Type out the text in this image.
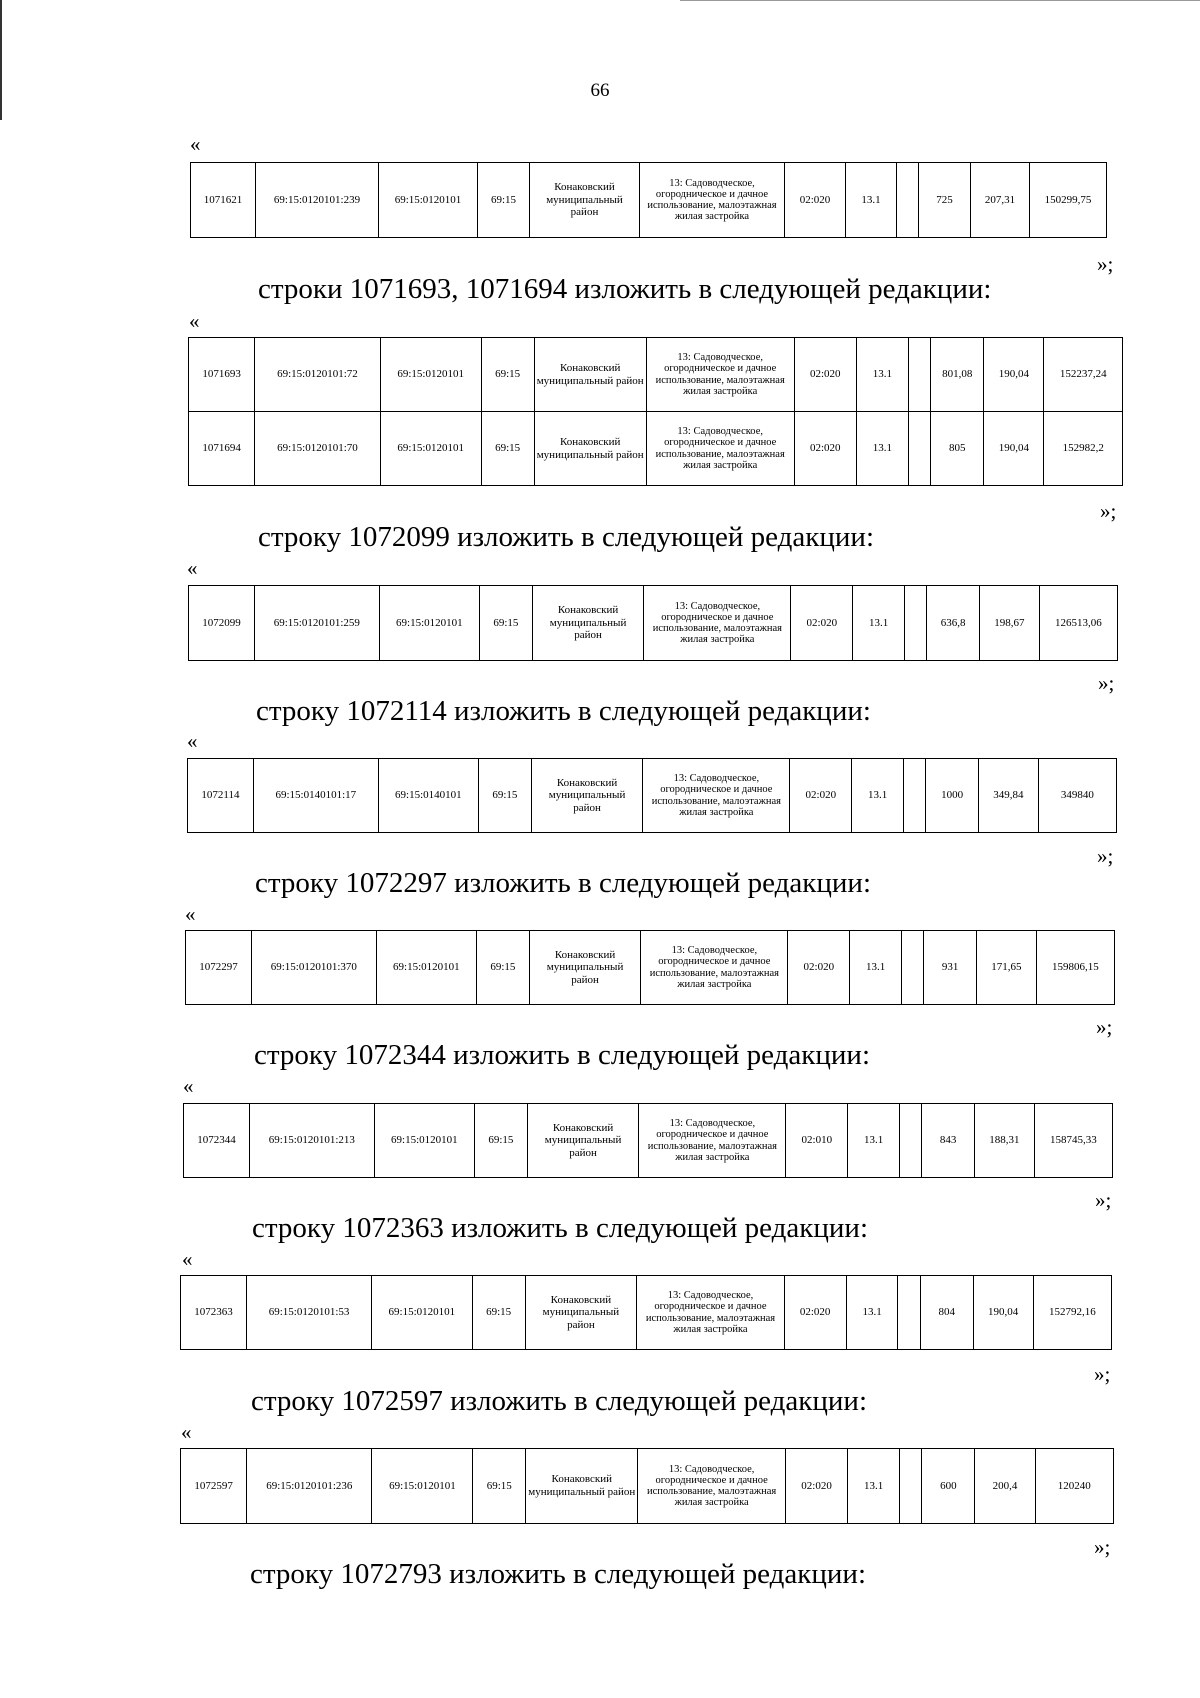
66
«
1071621	69:15:0120101:239	69:15:0120101	69:15	Конаковский муниципальный район	13: Садоводческое, огородническое и дачное использование, малоэтажная жилая застройка	02:020	13.1		725	207,31	150299,75
»;
строки 1071693, 1071694 изложить в следующей редакции:
«
1071693	69:15:0120101:72	69:15:0120101	69:15	Конаковский муниципальный район	13: Садоводческое, огородническое и дачное использование, малоэтажная жилая застройка	02:020	13.1		801,08	190,04	152237,24
1071694	69:15:0120101:70	69:15:0120101	69:15	Конаковский муниципальный район	13: Садоводческое, огородническое и дачное использование, малоэтажная жилая застройка	02:020	13.1		805	190,04	152982,2
»;
строку 1072099 изложить в следующей редакции:
«
1072099	69:15:0120101:259	69:15:0120101	69:15	Конаковский муниципальный район	13: Садоводческое, огородническое и дачное использование, малоэтажная жилая застройка	02:020	13.1		636,8	198,67	126513,06
»;
строку 1072114 изложить в следующей редакции:
«
1072114	69:15:0140101:17	69:15:0140101	69:15	Конаковский муниципальный район	13: Садоводческое, огородническое и дачное использование, малоэтажная жилая застройка	02:020	13.1		1000	349,84	349840
»;
строку 1072297 изложить в следующей редакции:
«
1072297	69:15:0120101:370	69:15:0120101	69:15	Конаковский муниципальный район	13: Садоводческое, огородническое и дачное использование, малоэтажная жилая застройка	02:020	13.1		931	171,65	159806,15
»;
строку 1072344 изложить в следующей редакции:
«
1072344	69:15:0120101:213	69:15:0120101	69:15	Конаковский муниципальный район	13: Садоводческое, огородническое и дачное использование, малоэтажная жилая застройка	02:010	13.1		843	188,31	158745,33
»;
строку 1072363 изложить в следующей редакции:
«
1072363	69:15:0120101:53	69:15:0120101	69:15	Конаковский муниципальный район	13: Садоводческое, огородническое и дачное использование, малоэтажная жилая застройка	02:020	13.1		804	190,04	152792,16
»;
строку 1072597 изложить в следующей редакции:
«
1072597	69:15:0120101:236	69:15:0120101	69:15	Конаковский муниципальный район	13: Садоводческое, огородническое и дачное использование, малоэтажная жилая застройка	02:020	13.1		600	200,4	120240
»;
строку 1072793 изложить в следующей редакции:
